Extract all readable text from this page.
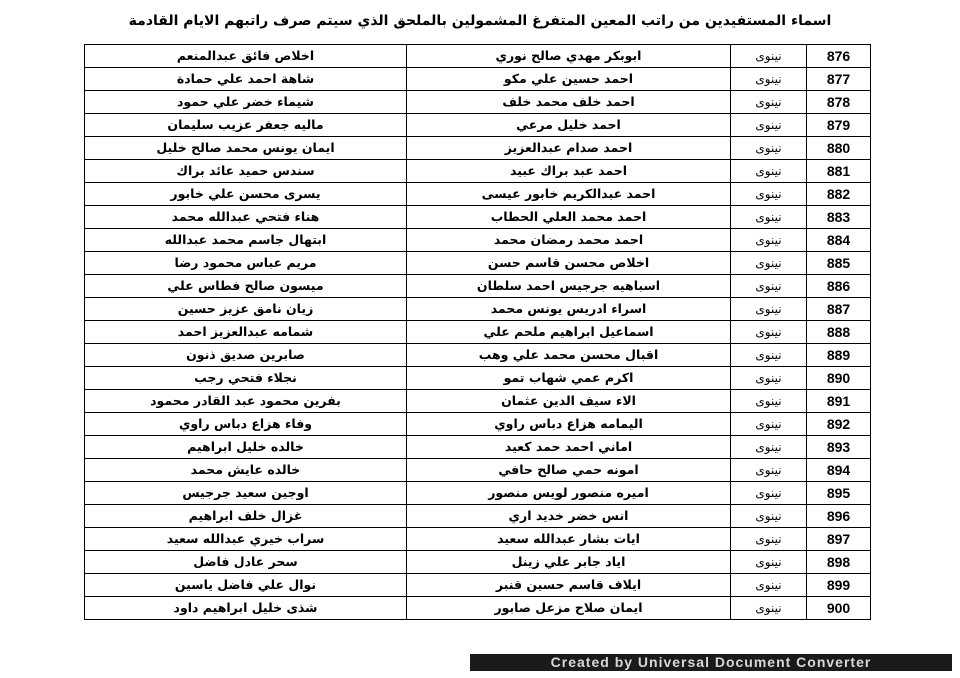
اسماء المستفيدين من راتب المعين المتفرغ المشمولين بالملحق الذي سيتم صرف راتبهم الايام القادمة
876	نينوى	ابوبكر مهدي صالح نوري	اخلاص فائق عبدالمنعم
877	نينوى	احمد حسين علي مكو	شاهة احمد علي حمادة
878	نينوى	احمد خلف محمد خلف	شيماء خضر علي حمود
879	نينوى	احمد خليل مرعي	ماليه جعفر عزيب سليمان
880	نينوى	احمد صدام عبدالعزيز	ايمان يونس محمد صالح خليل
881	نينوى	احمد عبد براك عبيد	سندس حميد عائد براك
882	نينوى	احمد عبدالكريم خابور عيسى	يسرى محسن علي خابور
883	نينوى	احمد محمد العلي الحطاب	هناء فتحي عبدالله محمد
884	نينوى	احمد محمد رمضان محمد	ابتهال جاسم محمد عبدالله
885	نينوى	اخلاص محسن قاسم حسن	مريم عباس محمود رضا
886	نينوى	اسباهيه جرجيس احمد سلطان	ميسون صالح فطاس علي
887	نينوى	اسراء ادريس يونس محمد	زيان نامق عزيز حسين
888	نينوى	اسماعيل ابراهيم ملحم علي	شمامه عبدالعزيز احمد
889	نينوى	اقبال محسن محمد علي وهب	صابرين صديق ذنون
890	نينوى	اكرم عمي شهاب تمو	نجلاء فتحي رجب
891	نينوى	الاء سيف الدين عثمان	بفرين محمود عبد القادر محمود
892	نينوى	اليمامه هزاع دباس راوي	وفاء هزاع دباس راوي
893	نينوى	اماني احمد حمد كعيد	خالده خليل ابراهيم
894	نينوى	امونه حمي صالح حافي	خالده عايش محمد
895	نينوى	اميره منصور لويس منصور	اوجين سعيد جرجيس
896	نينوى	انس خضر خديد اري	غزال خلف ابراهيم
897	نينوى	ايات بشار عبدالله سعيد	سراب خيري عبدالله سعيد
898	نينوى	اياد جابر علي زينل	سحر عادل فاضل
899	نينوى	ايلاف قاسم حسين قنبر	نوال علي فاضل ياسين
900	نينوى	ايمان صلاح مزعل صابور	شذى خليل ابراهيم داود
Created by Universal Document Converter
